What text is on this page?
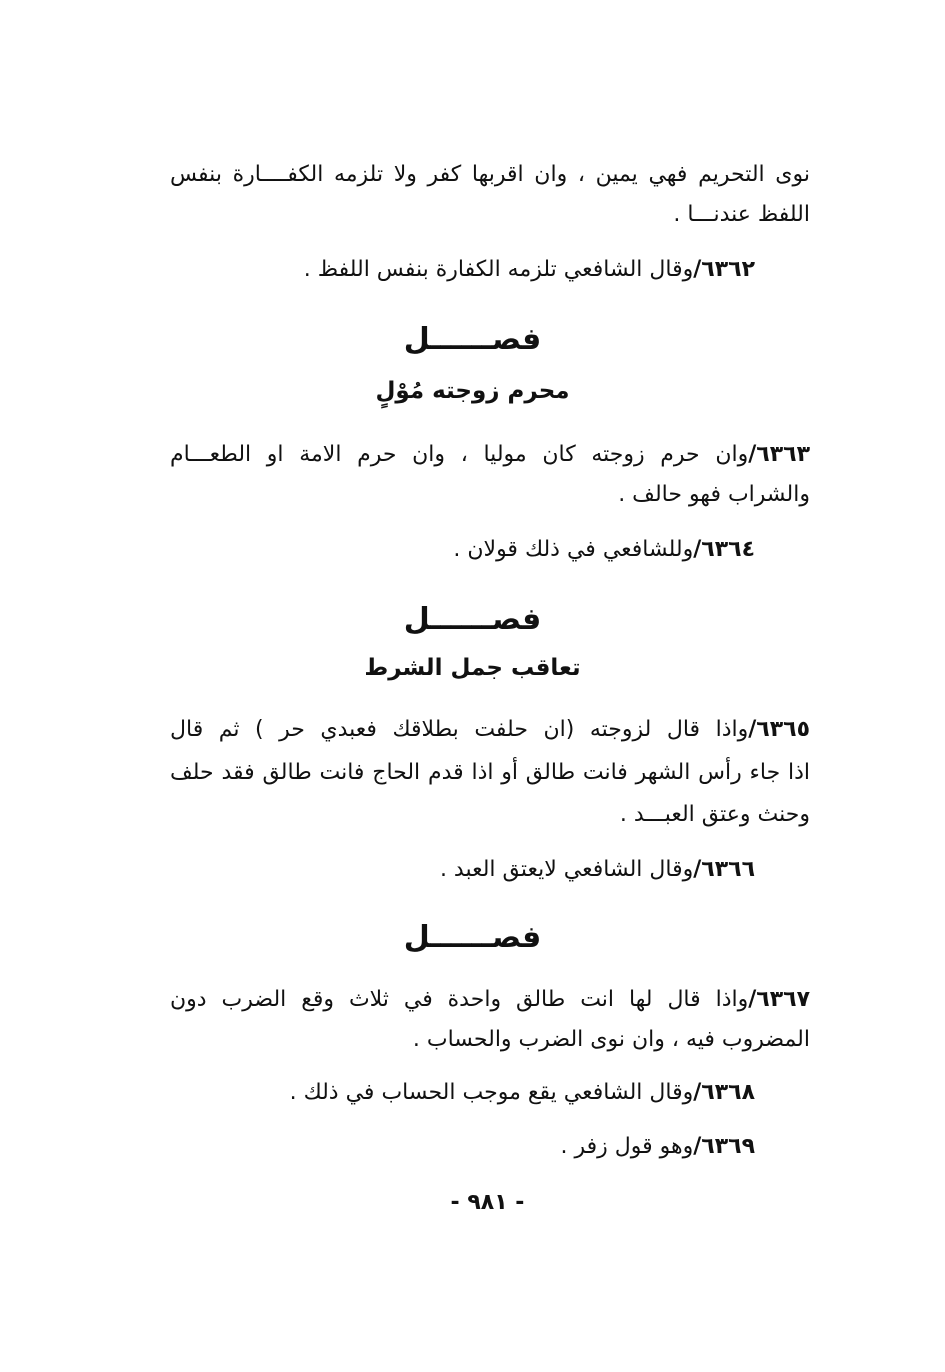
نوى التحريم فهي يمين ، وان اقربها كفر ولا تلزمه الكفــــارة بنفس
اللفظ عندنـــا .
٦٣٦٢/وقال الشافعي تلزمه الكفارة بنفس اللفظ .
فصــــــل
محرم زوجته مُوْلٍ
٦٣٦٣/وان حرم زوجته كان موليا ، وان حرم الامة او الطعـــام
والشراب فهو حالف .
٦٣٦٤/وللشافعي في ذلك قولان .
فصــــــل
تعاقب جمل الشرط
٦٣٦٥/واذا قال لزوجته (ان حلفت بطلاقك فعبدي حر ) ثم قال
اذا جاء رأس الشهر فانت طالق أو اذا قدم الحاج فانت طالق فقد حلف
وحنث وعتق العبـــد .
٦٣٦٦/وقال الشافعي لايعتق العبد .
فصــــــل
٦٣٦٧/واذا قال لها انت طالق واحدة في ثلاث وقع الضرب دون
المضروب فيه ، وان نوى الضرب والحساب .
٦٣٦٨/وقال الشافعي يقع موجب الحساب في ذلك .
٦٣٦٩/وهو قول زفر .
- ٩٨١ -
